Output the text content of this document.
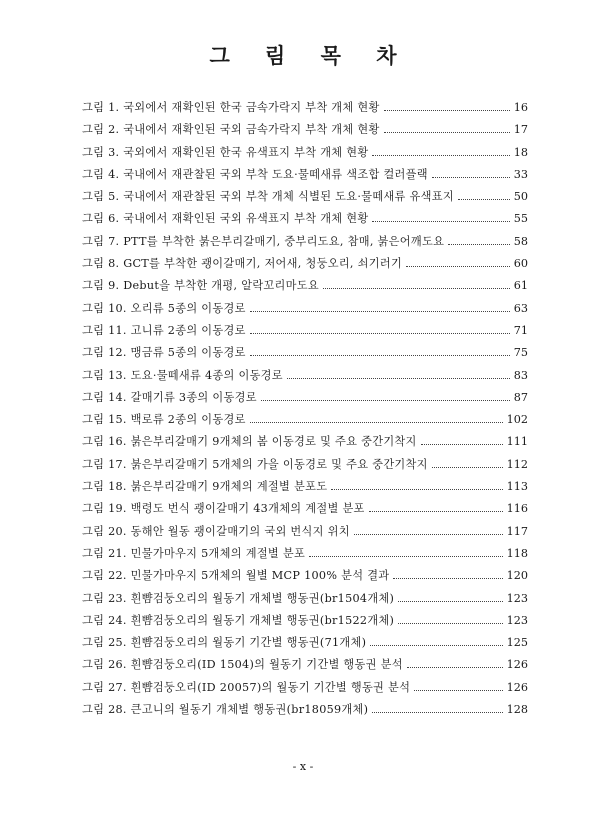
그 림 목 차
그림 1. 국외에서 재확인된 한국 금속가락지 부착 개체 현황	16
그림 2. 국내에서 재확인된 국외 금속가락지 부착 개체 현황	17
그림 3. 국외에서 재확인된 한국 유색표지 부착 개체 현황	18
그림 4. 국내에서 재관찰된 국외 부착 도요·물떼새류 색조합 컬러플랙	33
그림 5. 국내에서 재관찰된 국외 부착 개체 식별된 도요·물떼새류 유색표지	50
그림 6. 국내에서 재확인된 국외 유색표지 부착 개체 현황	55
그림 7. PTT를 부착한 붉은부리갈매기, 중부리도요, 참매, 붉은어깨도요	58
그림 8. GCT를 부착한 괭이갈매기, 저어새, 청둥오리, 쇠기러기	60
그림 9. Debut을 부착한 개평, 알락꼬리마도요	61
그림 10. 오리류 5종의 이동경로	63
그림 11. 고니류 2종의 이동경로	71
그림 12. 맹금류 5종의 이동경로	75
그림 13. 도요·물떼새류 4종의 이동경로	83
그림 14. 갈매기류 3종의 이동경로	87
그림 15. 백로류 2종의 이동경로	102
그림 16. 붉은부리갈매기 9개체의 봄 이동경로 및 주요 중간기착지	111
그림 17. 붉은부리갈매기 5개체의 가을 이동경로 및 주요 중간기착지	112
그림 18. 붉은부리갈매기 9개체의 계절별 분포도	113
그림 19. 백령도 번식 괭이갈매기 43개체의 계절별 분포	116
그림 20. 동해안 월동 괭이갈매기의 국외 번식지 위치	117
그림 21. 민물가마우지 5개체의 계절별 분포	118
그림 22. 민물가마우지 5개체의 월별 MCP 100% 분석 결과	120
그림 23. 흰뺨검둥오리의 월동기 개체별 행동권(br1504개체)	123
그림 24. 흰뺨검둥오리의 월동기 개체별 행동권(br1522개체)	123
그림 25. 흰뺨검둥오리의 월동기 기간별 행동권(71개체)	125
그림 26. 흰뺨검둥오리(ID 1504)의 월동기 기간별 행동권 분석	126
그림 27. 흰뺨검둥오리(ID 20057)의 월동기 기간별 행동권 분석	126
그림 28. 큰고니의 월동기 개체별 행동권(br18059개체)	128
- x -
